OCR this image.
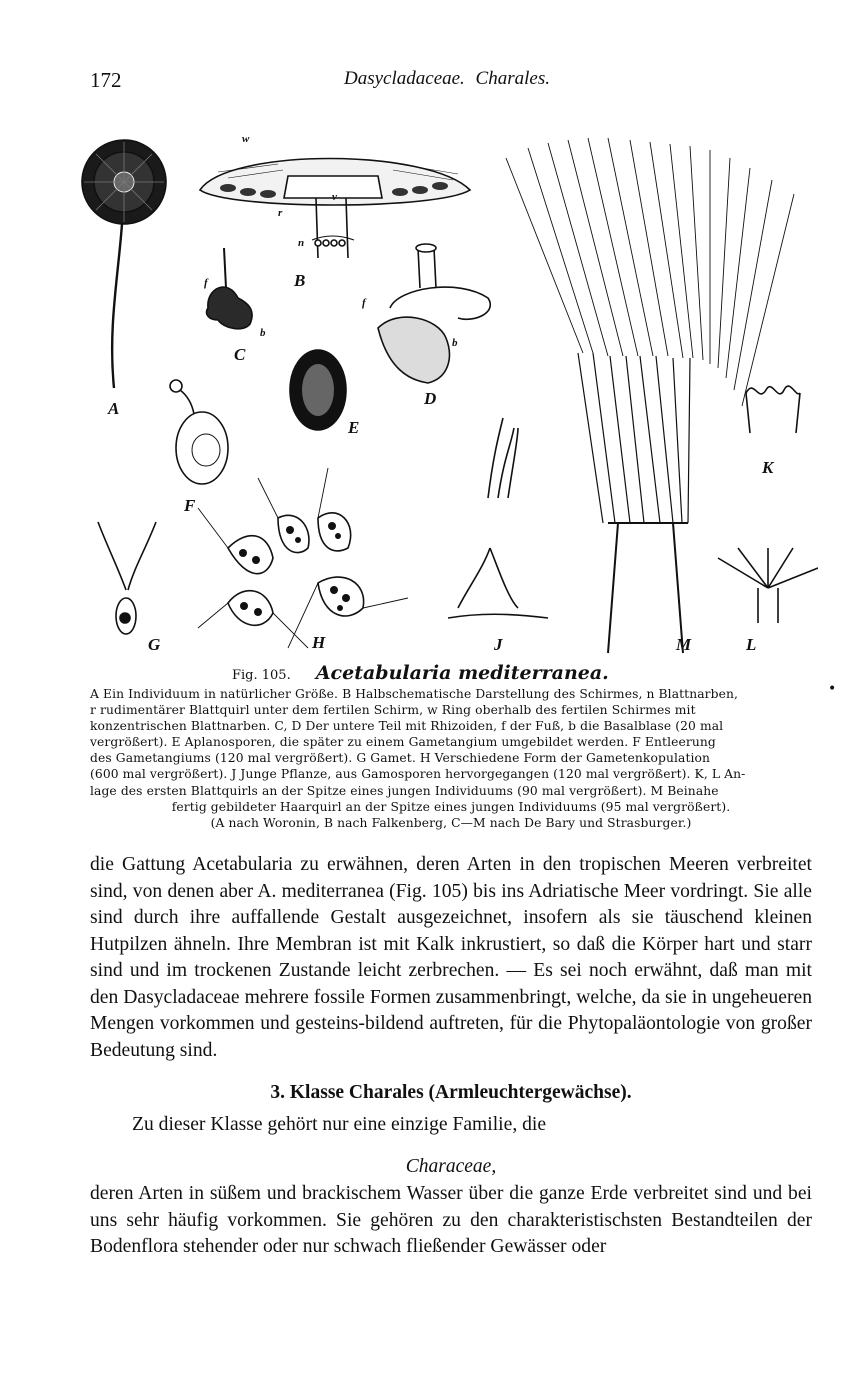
172	Dasycladaceae. Charales.
A
B
C
D
E
F
G	H	J
K
L
M
w
v
r
n
f
b
f
b
Fig. 105. Acetabularia mediterranea.
•
A Ein Individuum in natürlicher Größe. B Halbschematische Darstellung des Schirmes, n Blattnarben,
r rudimentärer Blattquirl unter dem fertilen Schirm, w Ring oberhalb des fertilen Schirmes mit
konzentrischen Blattnarben. C, D Der untere Teil mit Rhizoiden, f der Fuß, b die Basalblase (20 mal
vergrößert). E Aplanosporen, die später zu einem Gametangium umgebildet werden. F Entleerung
des Gametangiums (120 mal vergrößert). G Gamet. H Verschiedene Form der Gametenkopulation
(600 mal vergrößert). J Junge Pflanze, aus Gamosporen hervorgegangen (120 mal vergrößert). K, L An-
lage des ersten Blattquirls an der Spitze eines jungen Individuums (90 mal vergrößert). M Beinahe
fertig gebildeter Haarquirl an der Spitze eines jungen Individuums (95 mal vergrößert).
(A nach Woronin, B nach Falkenberg, C—M nach De Bary und Strasburger.)

die Gattung Acetabularia zu erwähnen, deren Arten in den tropischen Meeren verbreitet sind, von denen aber A. mediterranea (Fig. 105) bis ins Adriatische Meer vordringt. Sie alle sind durch ihre auffallende Gestalt ausgezeichnet, insofern als sie täuschend kleinen Hutpilzen ähneln. Ihre Membran ist mit Kalk inkrustiert, so daß die Körper hart und starr sind und im trockenen Zustande leicht zerbrechen. — Es sei noch erwähnt, daß man mit den Dasycladaceae mehrere fossile Formen zusammenbringt, welche, da sie in ungeheueren Mengen vorkommen und gesteins-bildend auftreten, für die Phytopaläontologie von großer Bedeutung sind.

3. Klasse Charales (Armleuchtergewächse).

Zu dieser Klasse gehört nur eine einzige Familie, die

Characeae,

deren Arten in süßem und brackischem Wasser über die ganze Erde verbreitet sind und bei uns sehr häufig vorkommen. Sie gehören zu den charakteristischsten Bestandteilen der Bodenflora stehender oder nur schwach fließender Gewässer oder
